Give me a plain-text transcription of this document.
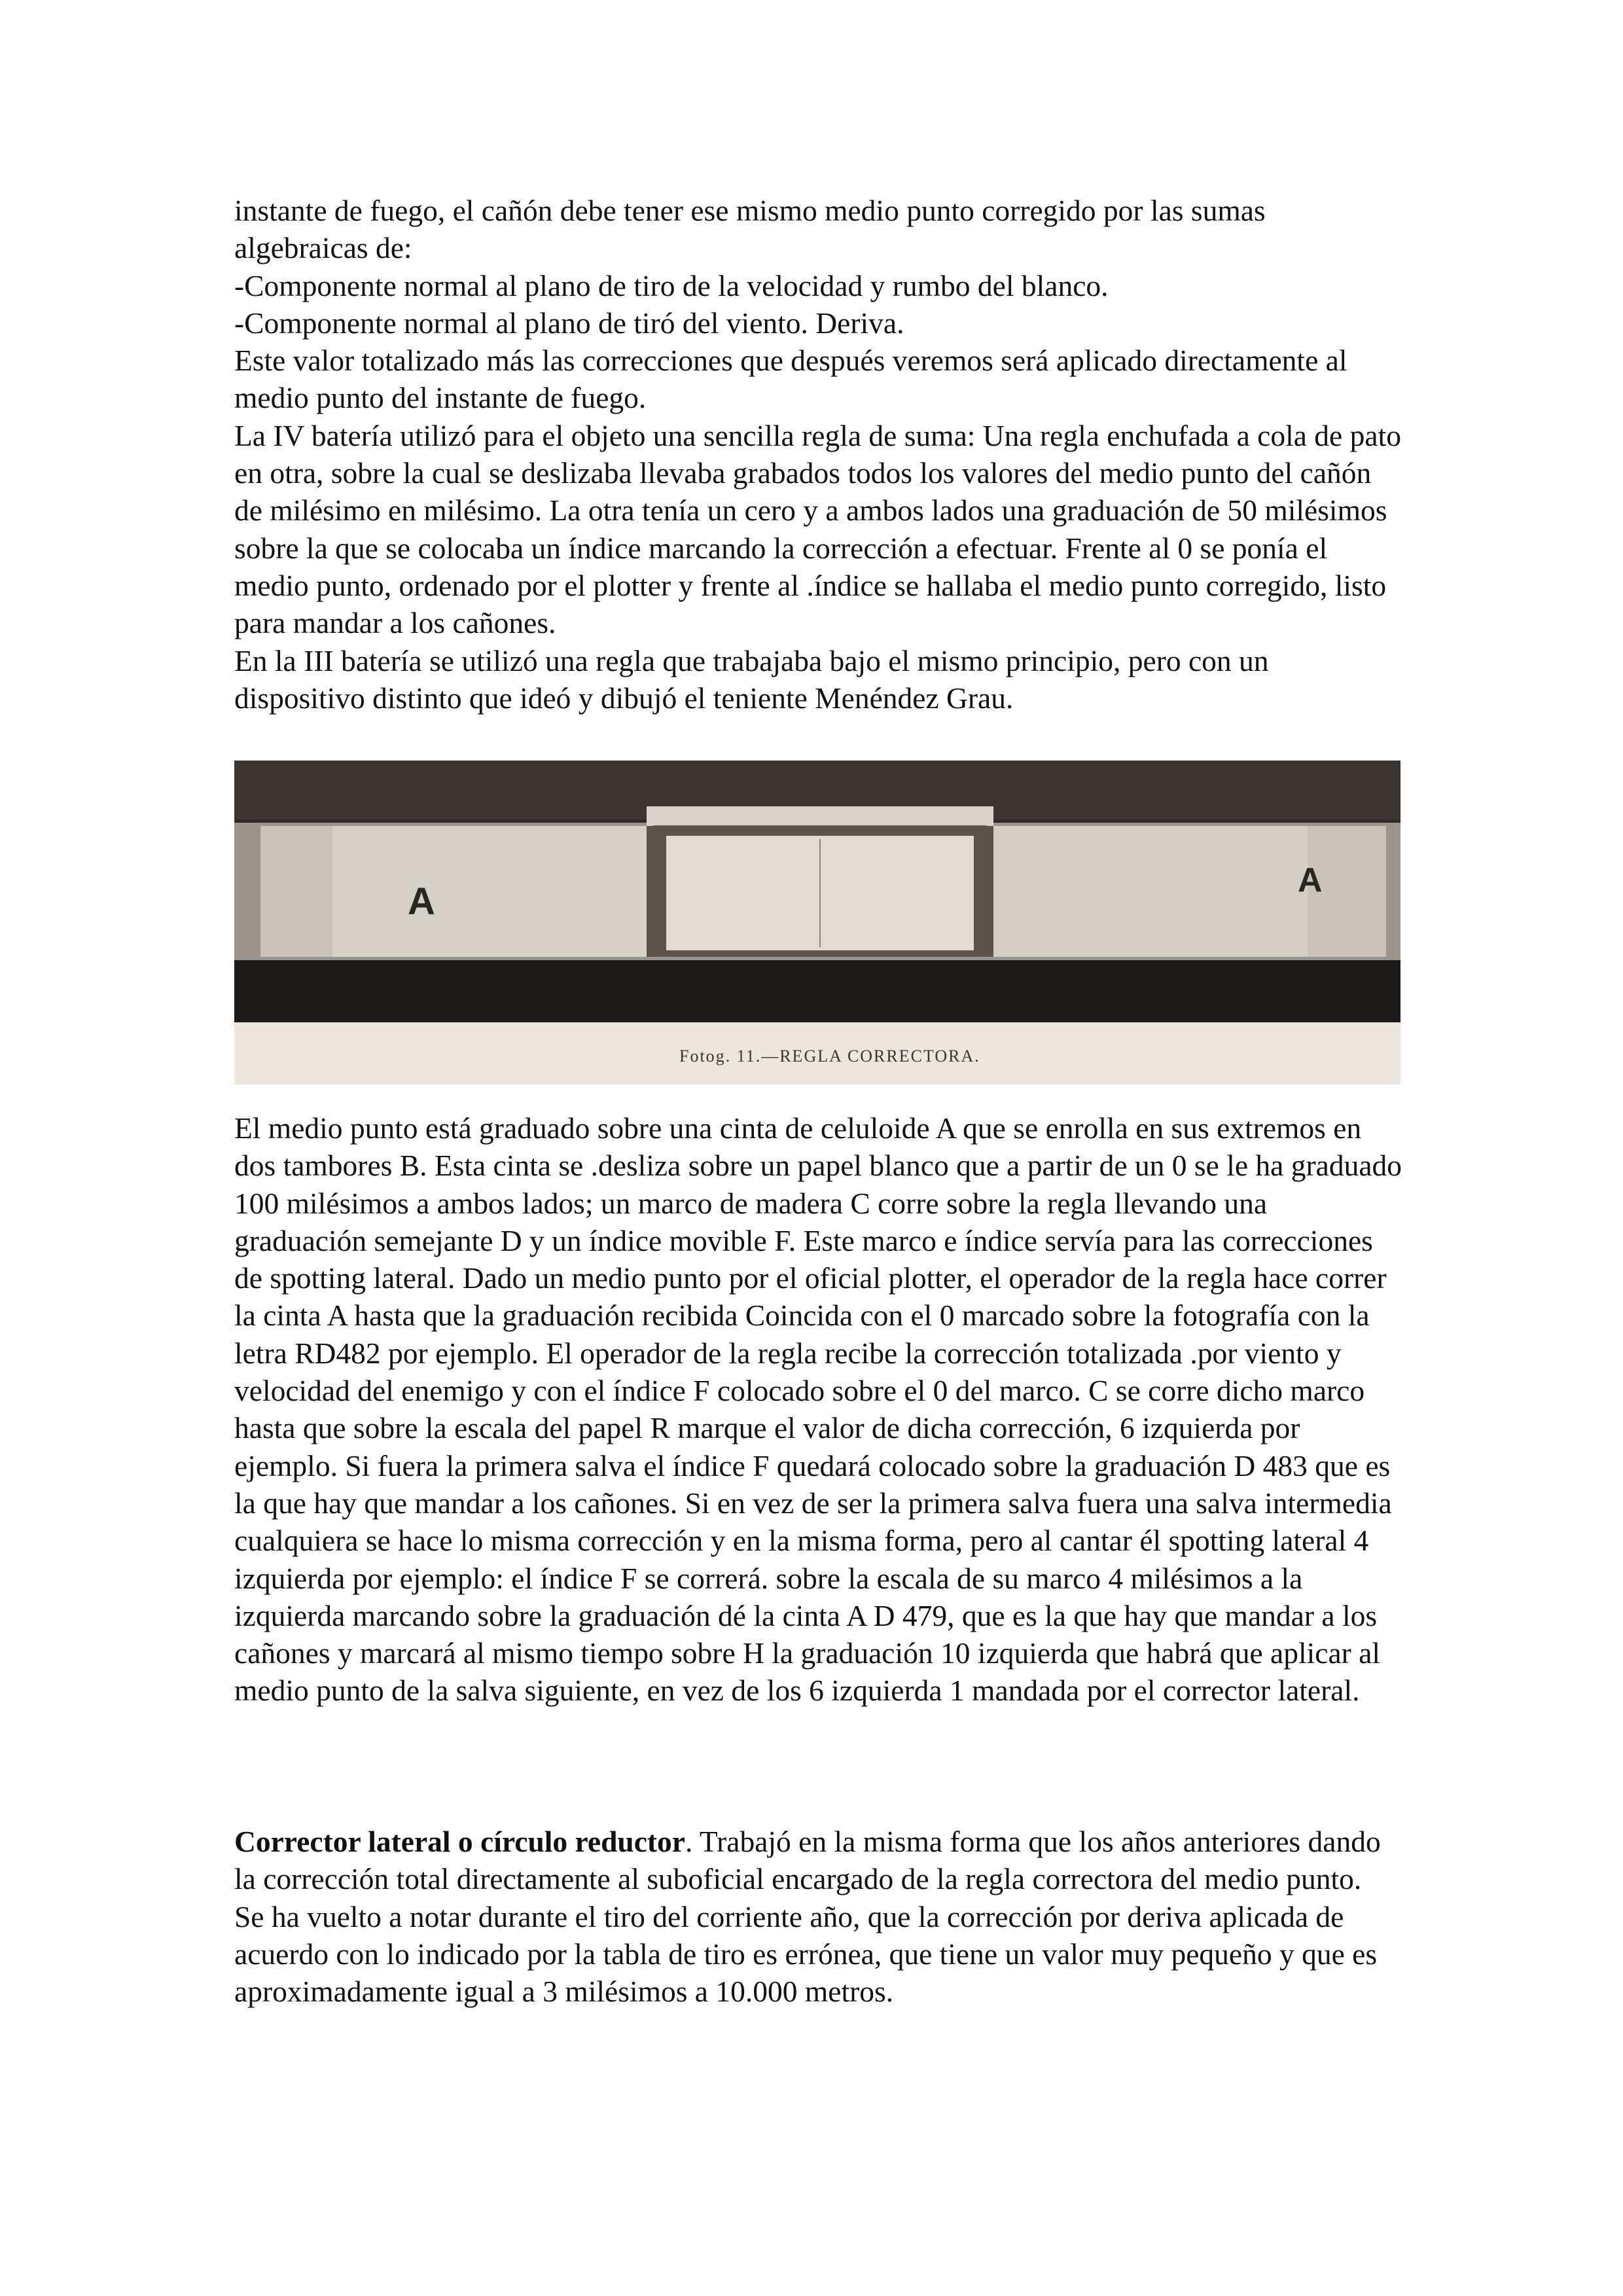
instante de fuego, el cañón debe tener ese mismo medio punto corregido por las sumas algebraicas de:

-Componente normal al plano de tiro de la velocidad y rumbo del blanco.

-Componente normal al plano de tiró del viento. Deriva.

Este valor totalizado más las correcciones que después veremos será aplicado directamente al medio punto del instante de fuego.

La IV batería utilizó para el objeto una sencilla regla de suma: Una regla enchufada a cola de pato en otra, sobre la cual se deslizaba llevaba grabados todos los valores del medio punto del cañón de milésimo en milésimo. La otra tenía un cero y a ambos lados una graduación de 50 milésimos sobre la que se colocaba un índice marcando la corrección a efectuar. Frente al 0 se ponía el medio punto, ordenado por el plotter y frente al .índice se hallaba el medio punto corregido, listo para mandar a los cañones.

En la III batería se utilizó una regla que trabajaba bajo el mismo principio, pero con un dispositivo distinto que ideó y dibujó el teniente Menéndez Grau.

A	A
Fotog. 11.—REGLA CORRECTORA.

El medio punto está graduado sobre una cinta de celuloide A que se enrolla en sus extremos en dos tambores B. Esta cinta se .desliza sobre un papel blanco que a partir de un 0 se le ha graduado 100 milésimos a ambos lados; un marco de madera C corre sobre la regla llevando una graduación semejante D y un índice movible F. Este marco e índice servía para las correcciones de spotting lateral. Dado un medio punto por el oficial plotter, el operador de la regla hace correr la cinta A hasta que la graduación recibida Coincida con el 0 marcado sobre la fotografía con la letra RD482 por ejemplo. El operador de la regla recibe la corrección totalizada .por viento y velocidad del enemigo y con el índice F colocado sobre el 0 del marco. C se corre dicho marco hasta que sobre la escala del papel R marque el valor de dicha corrección, 6 izquierda por ejemplo. Si fuera la primera salva el índice F quedará colocado sobre la graduación D 483 que es la que hay que mandar a los cañones. Si en vez de ser la primera salva fuera una salva intermedia cualquiera se hace lo misma corrección y en la misma forma, pero al cantar él spotting lateral 4 izquierda por ejemplo: el índice F se correrá. sobre la escala de su marco 4 milésimos a la izquierda marcando sobre la graduación dé la cinta A D 479, que es la que hay que mandar a los cañones y marcará al mismo tiempo sobre H la graduación 10 izquierda que habrá que aplicar al medio punto de la salva siguiente, en vez de los 6 izquierda 1 mandada por el corrector lateral.

Corrector lateral o círculo reductor. Trabajó en la misma forma que los años anteriores dando la corrección total directamente al suboficial encargado de la regla correctora del medio punto.

Se ha vuelto a notar durante el tiro del corriente año, que la corrección por deriva aplicada de acuerdo con lo indicado por la tabla de tiro es errónea, que tiene un valor muy pequeño y que es aproximadamente igual a 3 milésimos a 10.000 metros.
